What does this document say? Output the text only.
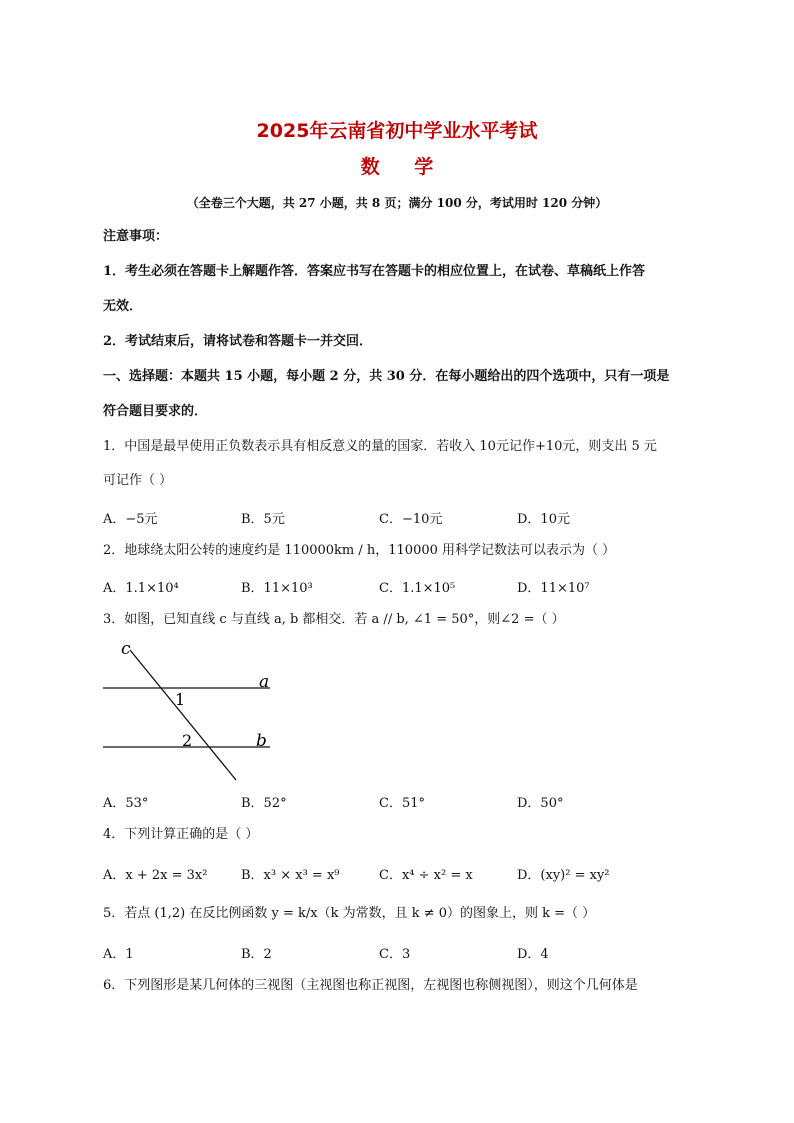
2025年云南省初中学业水平考试
数 学
（全卷三个大题，共 27 小题，共 8 页；满分 100 分，考试用时 120 分钟）
注意事项：
1．考生必须在答题卡上解题作答．答案应书写在答题卡的相应位置上，在试卷、草稿纸上作答
无效．
2．考试结束后，请将试卷和答题卡一并交回．
一、选择题：本题共 15 小题，每小题 2 分，共 30 分．在每小题给出的四个选项中，只有一项是
符合题目要求的．
1．中国是最早使用正负数表示具有相反意义的量的国家．若收入 10元记作+10元，则支出 5 元
可记作（ ）
A．−5元	B．5元	C．−10元	D．10元
2．地球绕太阳公转的速度约是 110000km / h，110000 用科学记数法可以表示为（ ）
A．1.1×10⁴	B．11×10³	C．1.1×10⁵	D．11×10⁷
3．如图，已知直线 c 与直线 a, b 都相交．若 a // b, ∠1 = 50°，则∠2 =（ ）
c
a
b
1
2
A．53°	B．52°	C．51°	D．50°
4．下列计算正确的是（ ）
A．x + 2x = 3x²	B．x³ × x³ = x⁹	C．x⁴ ÷ x² = x	D．(xy)² = xy²
5．若点 (1,2) 在反比例函数 y = k/x（k 为常数，且 k ≠ 0）的图象上，则 k =（ ）
A．1	B．2	C．3	D．4
6．下列图形是某几何体的三视图（主视图也称正视图，左视图也称侧视图），则这个几何体是
